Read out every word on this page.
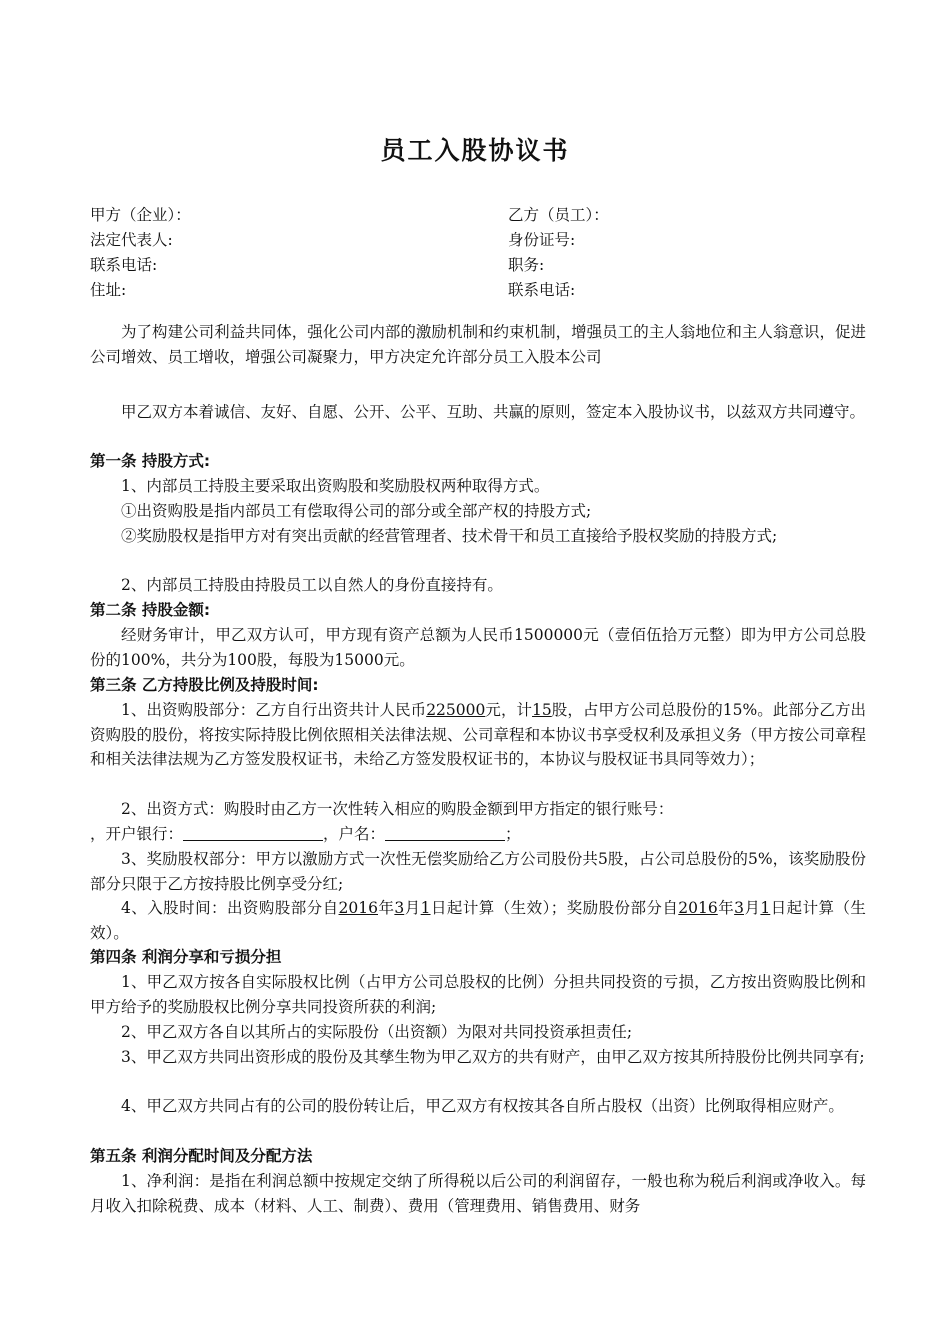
员工入股协议书
甲方（企业）：	乙方（员工）：
法定代表人:	身份证号:
联系电话:	职务:
住址:	联系电话:
为了构建公司利益共同体，强化公司内部的激励机制和约束机制，增强员工的主人翁地位和主人翁意识，促进公司增效、员工增收，增强公司凝聚力，甲方决定允许部分员工入股本公司
甲乙双方本着诚信、友好、自愿、公开、公平、互助、共赢的原则，签定本入股协议书，以兹双方共同遵守。
第一条 持股方式:
1、内部员工持股主要采取出资购股和奖励股权两种取得方式。
①出资购股是指内部员工有偿取得公司的部分或全部产权的持股方式;
②奖励股权是指甲方对有突出贡献的经营管理者、技术骨干和员工直接给予股权奖励的持股方式;
2、内部员工持股由持股员工以自然人的身份直接持有。
第二条 持股金额:
经财务审计，甲乙双方认可，甲方现有资产总额为人民币1500000元（壹佰伍拾万元整）即为甲方公司总股份的100%，共分为100股，每股为15000元。
第三条 乙方持股比例及持股时间:
1、出资购股部分：乙方自行出资共计人民币225000元，计15股，占甲方公司总股份的15%。此部分乙方出资购股的股份，将按实际持股比例依照相关法律法规、公司章程和本协议书享受权利及承担义务（甲方按公司章程和相关法律法规为乙方签发股权证书，未给乙方签发股权证书的，本协议与股权证书具同等效力）；
2、出资方式：购股时由乙方一次性转入相应的购股金额到甲方指定的银行账号：
，开户银行：	，户名：	；
3、奖励股权部分：甲方以激励方式一次性无偿奖励给乙方公司股份共5股，占公司总股份的5%，该奖励股份部分只限于乙方按持股比例享受分红;
4、入股时间：出资购股部分自2016年3月1日起计算（生效）；奖励股份部分自2016年3月1日起计算（生效）。
第四条 利润分享和亏损分担
1、甲乙双方按各自实际股权比例（占甲方公司总股权的比例）分担共同投资的亏损，乙方按出资购股比例和甲方给予的奖励股权比例分享共同投资所获的利润;
2、甲乙双方各自以其所占的实际股份（出资额）为限对共同投资承担责任;
3、甲乙双方共同出资形成的股份及其孳生物为甲乙双方的共有财产，由甲乙双方按其所持股份比例共同享有;
4、甲乙双方共同占有的公司的股份转让后，甲乙双方有权按其各自所占股权（出资）比例取得相应财产。
第五条 利润分配时间及分配方法
1、净利润：是指在利润总额中按规定交纳了所得税以后公司的利润留存，一般也称为税后利润或净收入。每月收入扣除税费、成本（材料、人工、制费）、费用（管理费用、销售费用、财务
